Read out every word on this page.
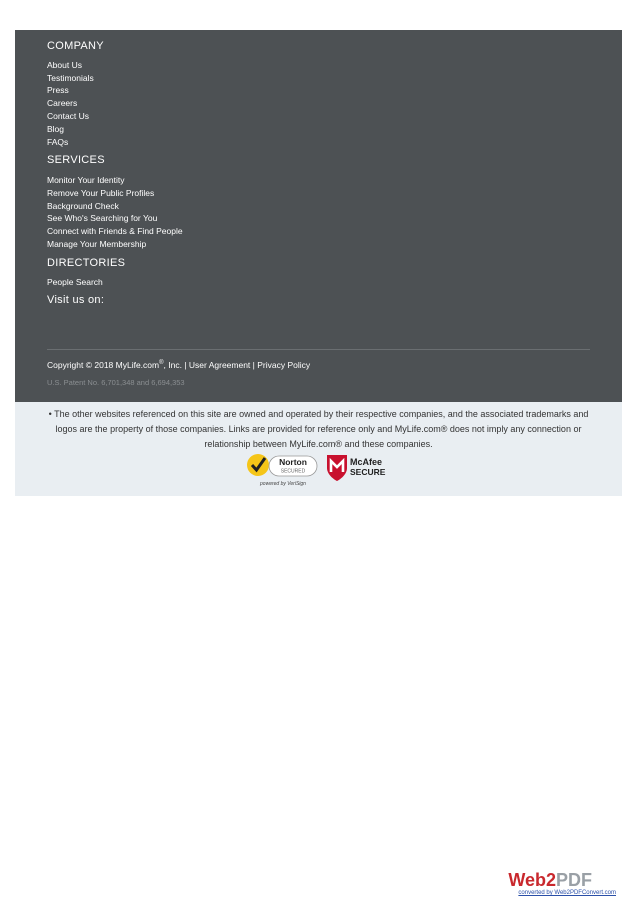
COMPANY
About Us
Testimonials
Press
Careers
Contact Us
Blog
FAQs
SERVICES
Monitor Your Identity
Remove Your Public Profiles
Background Check
See Who's Searching for You
Connect with Friends & Find People
Manage Your Membership
DIRECTORIES
People Search
Visit us on:
Copyright © 2018 MyLife.com®, Inc. | User Agreement | Privacy Policy
U.S. Patent No. 6,701,348 and 6,694,353
• The other websites referenced on this site are owned and operated by their respective companies, and the associated trademarks and logos are the property of those companies. Links are provided for reference only and MyLife.com® does not imply any connection or relationship between MyLife.com® and these companies.
Norton
SECURED
powered by VeriSign
McAfee
SECURE
Web2PDF
converted by Web2PDFConvert.com
